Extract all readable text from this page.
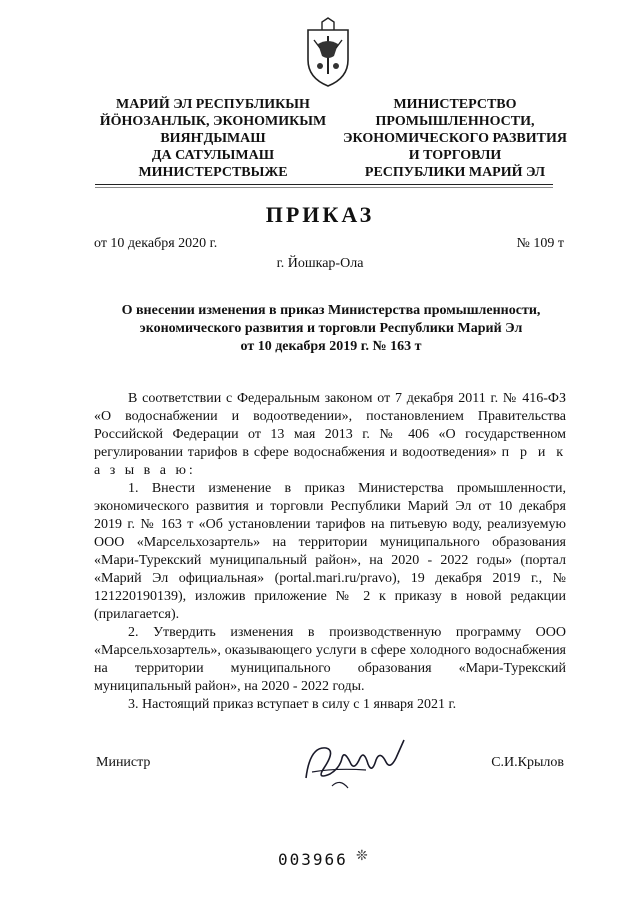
МАРИЙ ЭЛ РЕСПУБЛИКЫН
ЙӦНОЗАНЛЫК, ЭКОНОМИКЫМ
ВИЯҤДЫМАШ
ДА САТУЛЫМАШ
МИНИСТЕРСТВЫЖЕ
МИНИСТЕРСТВО
ПРОМЫШЛЕННОСТИ,
ЭКОНОМИЧЕСКОГО РАЗВИТИЯ
И ТОРГОВЛИ
РЕСПУБЛИКИ МАРИЙ ЭЛ
ПРИКАЗ
от 10 декабря 2020 г.	№ 109 т
г. Йошкар-Ола
О внесении изменения в приказ Министерства промышленности,
экономического развития и торговли Республики Марий Эл
от 10 декабря 2019 г. № 163 т

В соответствии с Федеральным законом от 7 декабря 2011 г. № 416-ФЗ «О водоснабжении и водоотведении», постановлением Правительства Российской Федерации от 13 мая 2013 г. № 406 «О государственном регулировании тарифов в сфере водоснабжения и водоотведения» п р и к а з ы в а ю:

1. Внести изменение в приказ Министерства промышленности, экономического развития и торговли Республики Марий Эл от 10 декабря 2019 г. № 163 т «Об установлении тарифов на питьевую воду, реализуемую ООО «Марсельхозартель» на территории муниципального образования «Мари-Турекский муниципальный район», на 2020 - 2022 годы» (портал «Марий Эл официальная» (portal.mari.ru/pravo), 19 декабря 2019 г., № 121220190139), изложив приложение № 2 к приказу в новой редакции (прилагается).

2. Утвердить изменения в производственную программу ООО «Марсельхозартель», оказывающего услуги в сфере холодного водоснабжения на территории муниципального образования «Мари-Турекский муниципальный район», на 2020 - 2022 годы.

3. Настоящий приказ вступает в силу с 1 января 2021 г.

Министр	С.И.Крылов
003966 ❊
